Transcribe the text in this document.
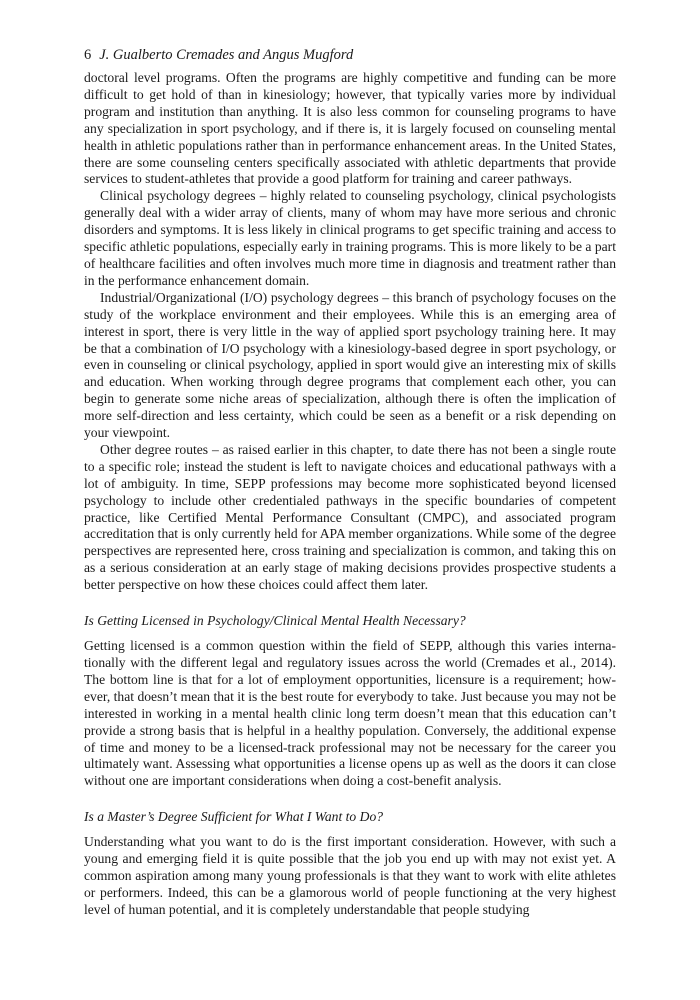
6 J. Gualberto Cremades and Angus Mugford

doctoral level programs. Often the programs are highly competitive and funding can be more difficult to get hold of than in kinesiology; however, that typically varies more by individual program and institution than anything. It is also less common for counseling programs to have any specialization in sport psychology, and if there is, it is largely focused on counseling mental health in athletic populations rather than in performance enhancement areas. In the United States, there are some counseling centers specifically associated with athletic departments that provide services to student-athletes that provide a good platform for training and career pathways.

Clinical psychology degrees – highly related to counseling psychology, clinical psychologists generally deal with a wider array of clients, many of whom may have more serious and chronic disorders and symptoms. It is less likely in clinical programs to get specific training and access to specific athletic populations, especially early in training programs. This is more likely to be a part of healthcare facilities and often involves much more time in diagnosis and treatment rather than in the performance enhancement domain.

Industrial/Organizational (I/O) psychology degrees – this branch of psychology focuses on the study of the workplace environment and their employees. While this is an emerging area of interest in sport, there is very little in the way of applied sport psychology training here. It may be that a combination of I/O psychology with a kinesiology-based degree in sport psychology, or even in counseling or clinical psychology, applied in sport would give an interesting mix of skills and education. When working through degree programs that complement each other, you can begin to generate some niche areas of specialization, although there is often the implication of more self-direction and less certainty, which could be seen as a benefit or a risk depending on your viewpoint.

Other degree routes – as raised earlier in this chapter, to date there has not been a single route to a specific role; instead the student is left to navigate choices and educational pathways with a lot of ambiguity. In time, SEPP professions may become more sophisticated beyond licensed psychology to include other credentialed pathways in the specific boundaries of competent practice, like Certified Mental Performance Consultant (CMPC), and associated program accreditation that is only currently held for APA member organizations. While some of the degree perspectives are represented here, cross training and specialization is common, and taking this on as a serious consideration at an early stage of making decisions provides prospective students a better perspective on how these choices could affect them later.

Is Getting Licensed in Psychology/Clinical Mental Health Necessary?

Getting licensed is a common question within the field of SEPP, although this varies internationally with the different legal and regulatory issues across the world (Cremades et al., 2014). The bottom line is that for a lot of employment opportunities, licensure is a requirement; however, that doesn’t mean that it is the best route for everybody to take. Just because you may not be interested in working in a mental health clinic long term doesn’t mean that this education can’t provide a strong basis that is helpful in a healthy population. Conversely, the additional expense of time and money to be a licensed-track professional may not be necessary for the career you ultimately want. Assessing what opportunities a license opens up as well as the doors it can close without one are important considerations when doing a cost-benefit analysis.

Is a Master’s Degree Sufficient for What I Want to Do?

Understanding what you want to do is the first important consideration. However, with such a young and emerging field it is quite possible that the job you end up with may not exist yet. A common aspiration among many young professionals is that they want to work with elite athletes or performers. Indeed, this can be a glamorous world of people functioning at the very highest level of human potential, and it is completely understandable that people studying
